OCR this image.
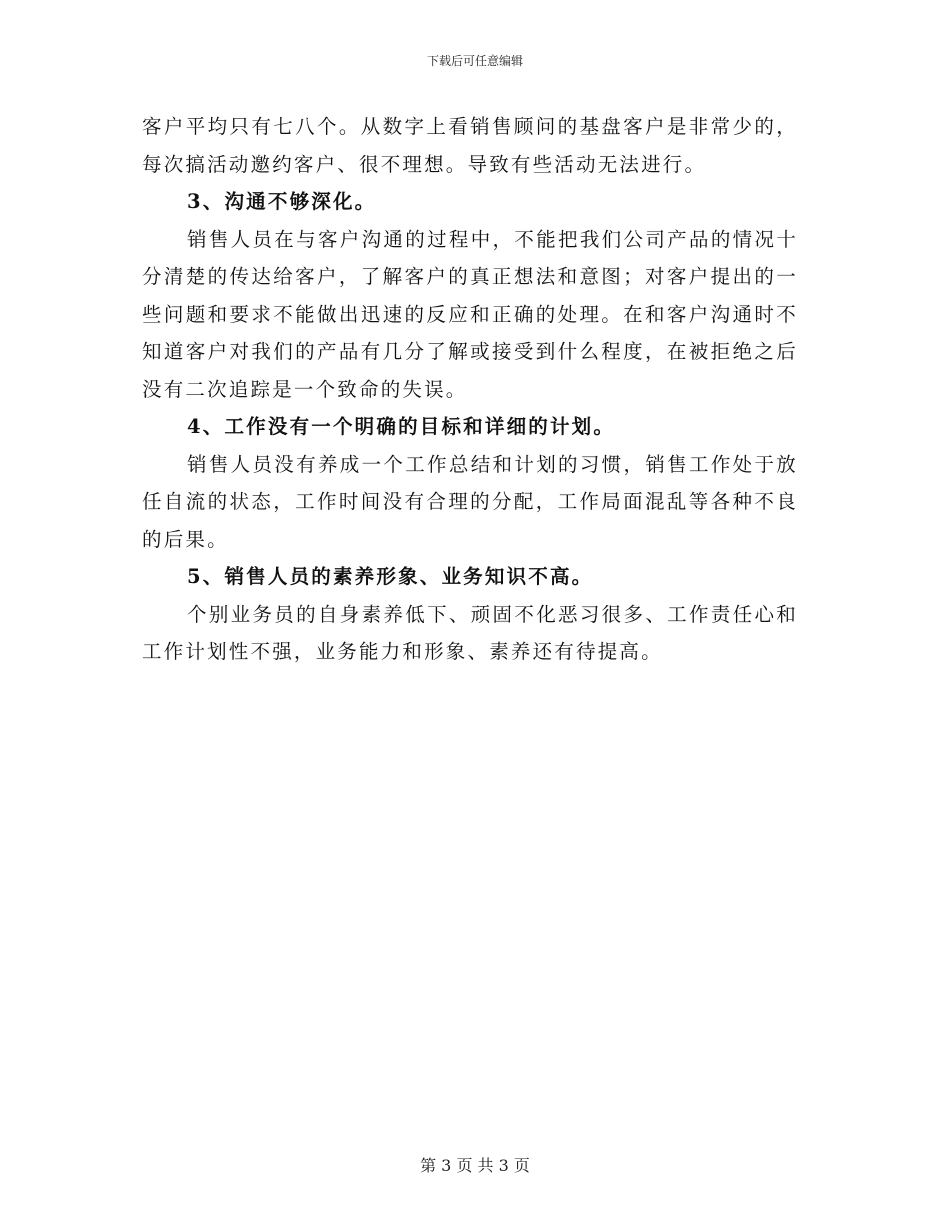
下载后可任意编辑

客户平均只有七八个。从数字上看销售顾问的基盘客户是非常少的，每次搞活动邀约客户、很不理想。导致有些活动无法进行。

3、沟通不够深化。

销售人员在与客户沟通的过程中，不能把我们公司产品的情况十分清楚的传达给客户，了解客户的真正想法和意图；对客户提出的一些问题和要求不能做出迅速的反应和正确的处理。在和客户沟通时不知道客户对我们的产品有几分了解或接受到什么程度，在被拒绝之后没有二次追踪是一个致命的失误。

4、工作没有一个明确的目标和详细的计划。

销售人员没有养成一个工作总结和计划的习惯，销售工作处于放任自流的状态，工作时间没有合理的分配，工作局面混乱等各种不良的后果。

5、销售人员的素养形象、业务知识不高。

个别业务员的自身素养低下、顽固不化恶习很多、工作责任心和工作计划性不强，业务能力和形象、素养还有待提高。

第 3 页 共 3 页
